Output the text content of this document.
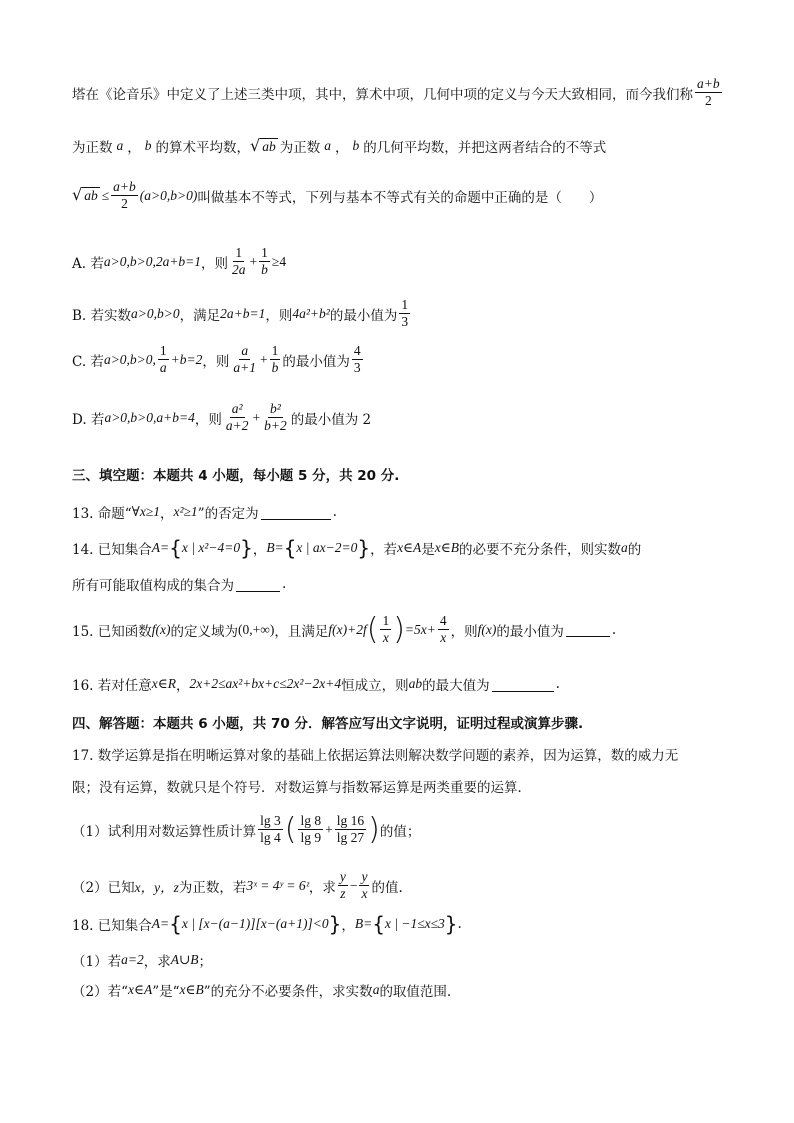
塔在《论音乐》中定义了上述三类中项，其中，算术中项，几何中项的定义与今天大致相同，而今我们称 $\frac{a+b}{2}$
为正数 a ， b 的算术平均数， √ ab 为正数 a ， b 的几何平均数，并把这两者结合的不等式
√ ab ≤ $\frac{a+b}{2} (a>0,b>0)$ 叫做基本不等式，下列与基本不等式有关的命题中正确的是（　　）
A. 若 a>0,b>0,2a+b=1 ，则 $\frac{1}{2a} + \frac{1}{b} \ge 4$
B. 若实数 a>0,b>0 ，满足 2a+b=1 ，则 4a²+b² 的最小值为 $\frac{1}{3}$
C. 若 a>0,b>0, $\frac{1}{a} +b=2$ ，则 $\frac{a}{a+1} + \frac{1}{b}$ 的最小值为 $\frac{4}{3}$
D. 若 a>0,b>0,a+b=4 ，则 $\frac{\text{a²}}{a+2} + \frac{\text{b²}}{b+2}$ 的最小值为 2
三、填空题：本题共 4 小题，每小题 5 分，共 20 分.
13. 命题“ ∀x≥1 ， x²≥1 ”的否定为	.
14. 已知集合 A= { x | x²−4=0 } ， B= { x | ax−2=0 } ，若 x∈A 是 x∈B 的必要不充分条件，则实数 a 的
所有可能取值构成的集合为	.
15. 已知函数 f(x) 的定义域为 (0,+∞) ，且满足 f(x)+2f ( $\frac{1}{x}$ ) $=5x+ \frac{4}{x}$ ，则 f(x) 的最小值为	.
16. 若对任意 x∈R ， 2x+2≤ax²+bx+c≤2x²−2x+4 恒成立，则 ab 的最大值为	.
四、解答题：本题共 6 小题，共 70 分．解答应写出文字说明，证明过程或演算步骤.
17. 数学运算是指在明晰运算对象的基础上依据运算法则解决数学问题的素养，因为运算，数的威力无
限；没有运算，数就只是个符号．对数运算与指数幂运算是两类重要的运算．
（1）试利用对数运算性质计算 $\frac{\lg 3}{\lg 4}$ ( $\frac{\lg 8}{\lg 9} + \frac{\lg 16}{\lg 27}$ ) 的值；
（2）已知 x，y，z 为正数，若 3ˣ = 4ʸ = 6ᶻ ，求 $\frac{y}{z} - \frac{y}{x}$ 的值.
18. 已知集合 A= { x | [x−(a−1)][x−(a+1)]<0 } ， B= { x | −1≤x≤3 } .
（1）若 a=2 ，求 A∪B ；
（2）若“ x∈A ”是“ x∈B ”的充分不必要条件，求实数 a 的取值范围.
